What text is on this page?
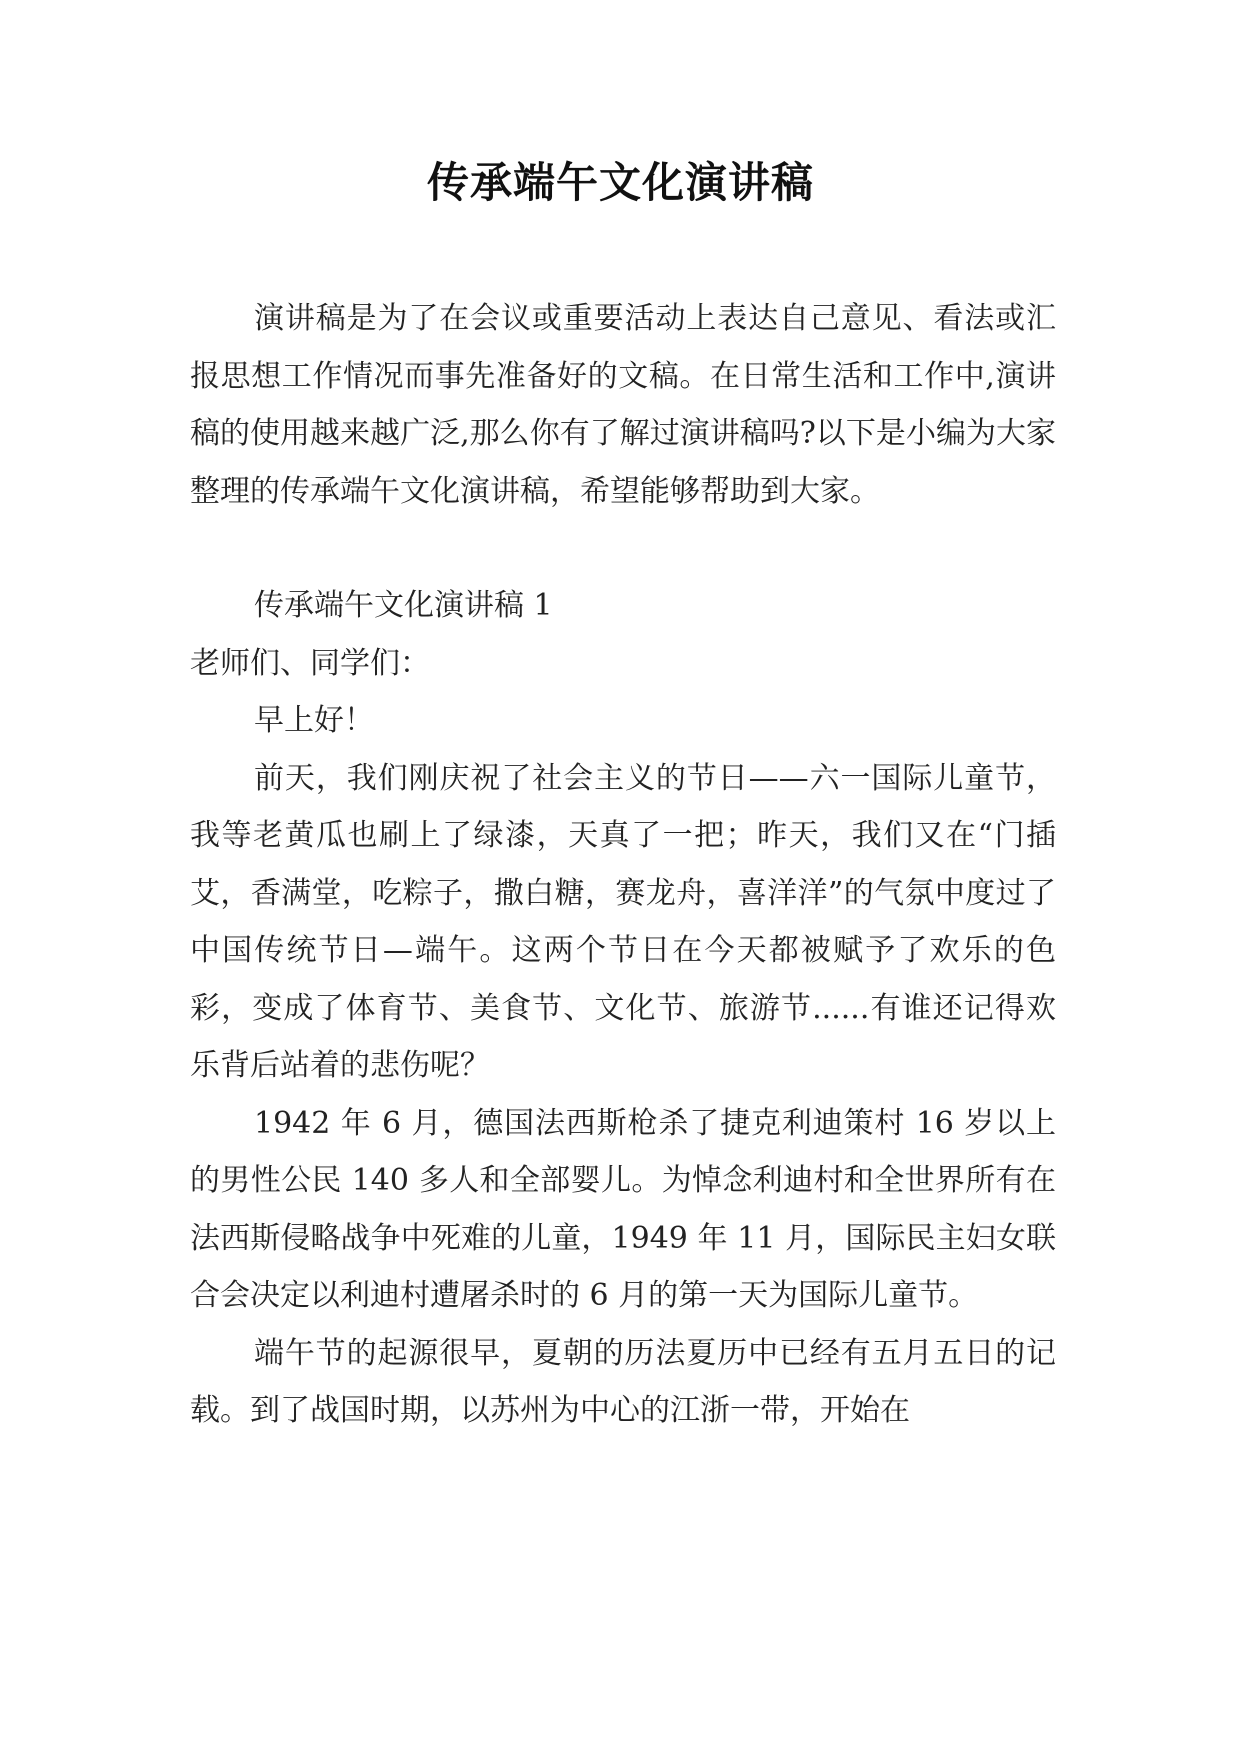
传承端午文化演讲稿

演讲稿是为了在会议或重要活动上表达自己意见、看法或汇报思想工作情况而事先准备好的文稿。在日常生活和工作中,演讲稿的使用越来越广泛,那么你有了解过演讲稿吗?以下是小编为大家整理的传承端午文化演讲稿，希望能够帮助到大家。

传承端午文化演讲稿 1

老师们、同学们：

早上好！

前天，我们刚庆祝了社会主义的节日——六一国际儿童节，我等老黄瓜也刷上了绿漆，天真了一把；昨天，我们又在“门插艾，香满堂，吃粽子，撒白糖，赛龙舟，喜洋洋”的气氛中度过了中国传统节日—端午。这两个节日在今天都被赋予了欢乐的色彩，变成了体育节、美食节、文化节、旅游节......有谁还记得欢乐背后站着的悲伤呢？

1942 年 6 月，德国法西斯枪杀了捷克利迪策村 16 岁以上的男性公民 140 多人和全部婴儿。为悼念利迪村和全世界所有在法西斯侵略战争中死难的儿童，1949 年 11 月，国际民主妇女联合会决定以利迪村遭屠杀时的 6 月的第一天为国际儿童节。

端午节的起源很早，夏朝的历法夏历中已经有五月五日的记载。到了战国时期，以苏州为中心的江浙一带，开始在
